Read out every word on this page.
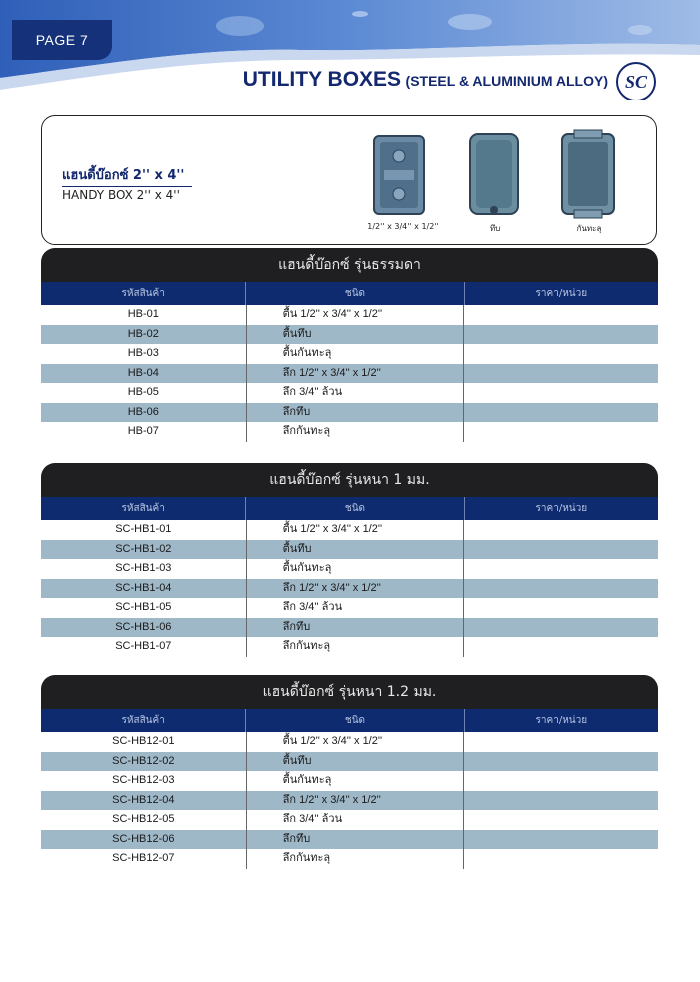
PAGE 7
UTILITY BOXES (STEEL & ALUMINIUM ALLOY) SC
แฮนดี้บ๊อกซ์ 2'' x 4''
HANDY BOX 2'' x 4''
1/2'' x 3/4'' x 1/2''	ทึบ	กันทะลุ
แฮนดี้บ๊อกซ์ รุ่นธรรมดา
รหัสสินค้า	ชนิด	ราคา/หน่วย
HB-01	ตื้น 1/2'' x 3/4'' x 1/2''
HB-02	ตื้นทึบ
HB-03	ตื้นกันทะลุ
HB-04	ลึก 1/2'' x 3/4'' x 1/2''
HB-05	ลึก 3/4'' ล้วน
HB-06	ลึกทึบ
HB-07	ลึกกันทะลุ
แฮนดี้บ๊อกซ์ รุ่นหนา 1 มม.
รหัสสินค้า	ชนิด	ราคา/หน่วย
SC-HB1-01	ตื้น 1/2'' x 3/4'' x 1/2''
SC-HB1-02	ตื้นทึบ
SC-HB1-03	ตื้นกันทะลุ
SC-HB1-04	ลึก 1/2'' x 3/4'' x 1/2''
SC-HB1-05	ลึก 3/4'' ล้วน
SC-HB1-06	ลึกทึบ
SC-HB1-07	ลึกกันทะลุ
แฮนดี้บ๊อกซ์ รุ่นหนา 1.2 มม.
รหัสสินค้า	ชนิด	ราคา/หน่วย
SC-HB12-01	ตื้น 1/2'' x 3/4'' x 1/2''
SC-HB12-02	ตื้นทึบ
SC-HB12-03	ตื้นกันทะลุ
SC-HB12-04	ลึก 1/2'' x 3/4'' x 1/2''
SC-HB12-05	ลึก 3/4'' ล้วน
SC-HB12-06	ลึกทึบ
SC-HB12-07	ลึกกันทะลุ
